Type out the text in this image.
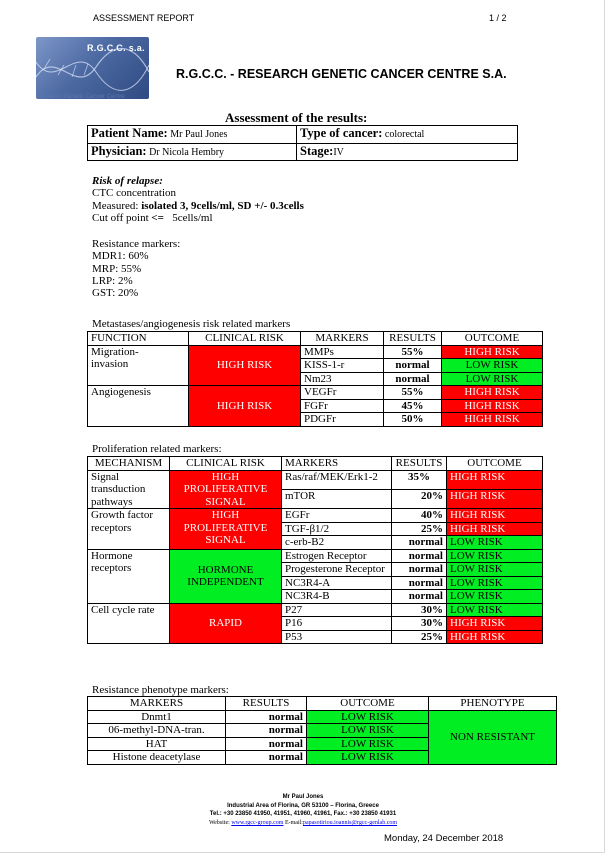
ASSESSMENT REPORT	1 / 2
R.G.C.C. s.a.
Research Genetic Cancer Centre
R.G.C.C. - RESEARCH GENETIC CANCER CENTRE S.A.
Assessment of the results:
Patient Name: Mr Paul Jones	Type of cancer: colorectal
Physician: Dr Nicola Hembry	Stage:IV
Risk of relapse:
CTC concentration
Measured: isolated 3, 9cells/ml, SD +/- 0.3cells
Cut off point <= 5cells/ml
Resistance markers:
MDR1: 60%
MRP: 55%
LRP: 2%
GST: 20%
Metastases/angiogenesis risk related markers
FUNCTION	CLINICAL RISK	MARKERS	RESULTS	OUTCOME
Migration-
invasion	HIGH RISK	MMPs	55%	HIGH RISK
		KISS-1-r	normal	LOW RISK
		Nm23	normal	LOW RISK
Angiogenesis	HIGH RISK	VEGFr	55%	HIGH RISK
		FGFr	45%	HIGH RISK
		PDGFr	50%	HIGH RISK
Proliferation related markers:
MECHANISM	CLINICAL RISK	MARKERS	RESULTS	OUTCOME
Signal transduction pathways	HIGH PROLIFERATIVE SIGNAL	Ras/raf/MEK/Erk1-2	35%	HIGH RISK
		mTOR	20%	HIGH RISK
Growth factor receptors	HIGH PROLIFERATIVE SIGNAL	EGFr	40%	HIGH RISK
		TGF-β1/2	25%	HIGH RISK
		c-erb-B2	normal	LOW RISK
Hormone receptors	HORMONE INDEPENDENT	Estrogen Receptor	normal	LOW RISK
		Progesterone Receptor	normal	LOW RISK
		NC3R4-A	normal	LOW RISK
		NC3R4-B	normal	LOW RISK
Cell cycle rate	RAPID	P27	30%	LOW RISK
		P16	30%	HIGH RISK
		P53	25%	HIGH RISK
Resistance phenotype markers:
MARKERS	RESULTS	OUTCOME	PHENOTYPE
Dnmt1	normal	LOW RISK	NON RESISTANT
06-methyl-DNA-tran.	normal	LOW RISK	
HAT	normal	LOW RISK	
Histone deacetylase	normal	LOW RISK	
Mr Paul Jones
Industrial Area of Florina, GR 53100 – Florina, Greece
Tel.: +30 23850 41950, 41951, 41960, 41961, Fax.: +30 23850 41931
Website: www.rgcc-group.com E-mail:papasotiriou.ioannis@rgcc-genlab.com
Monday, 24 December 2018
